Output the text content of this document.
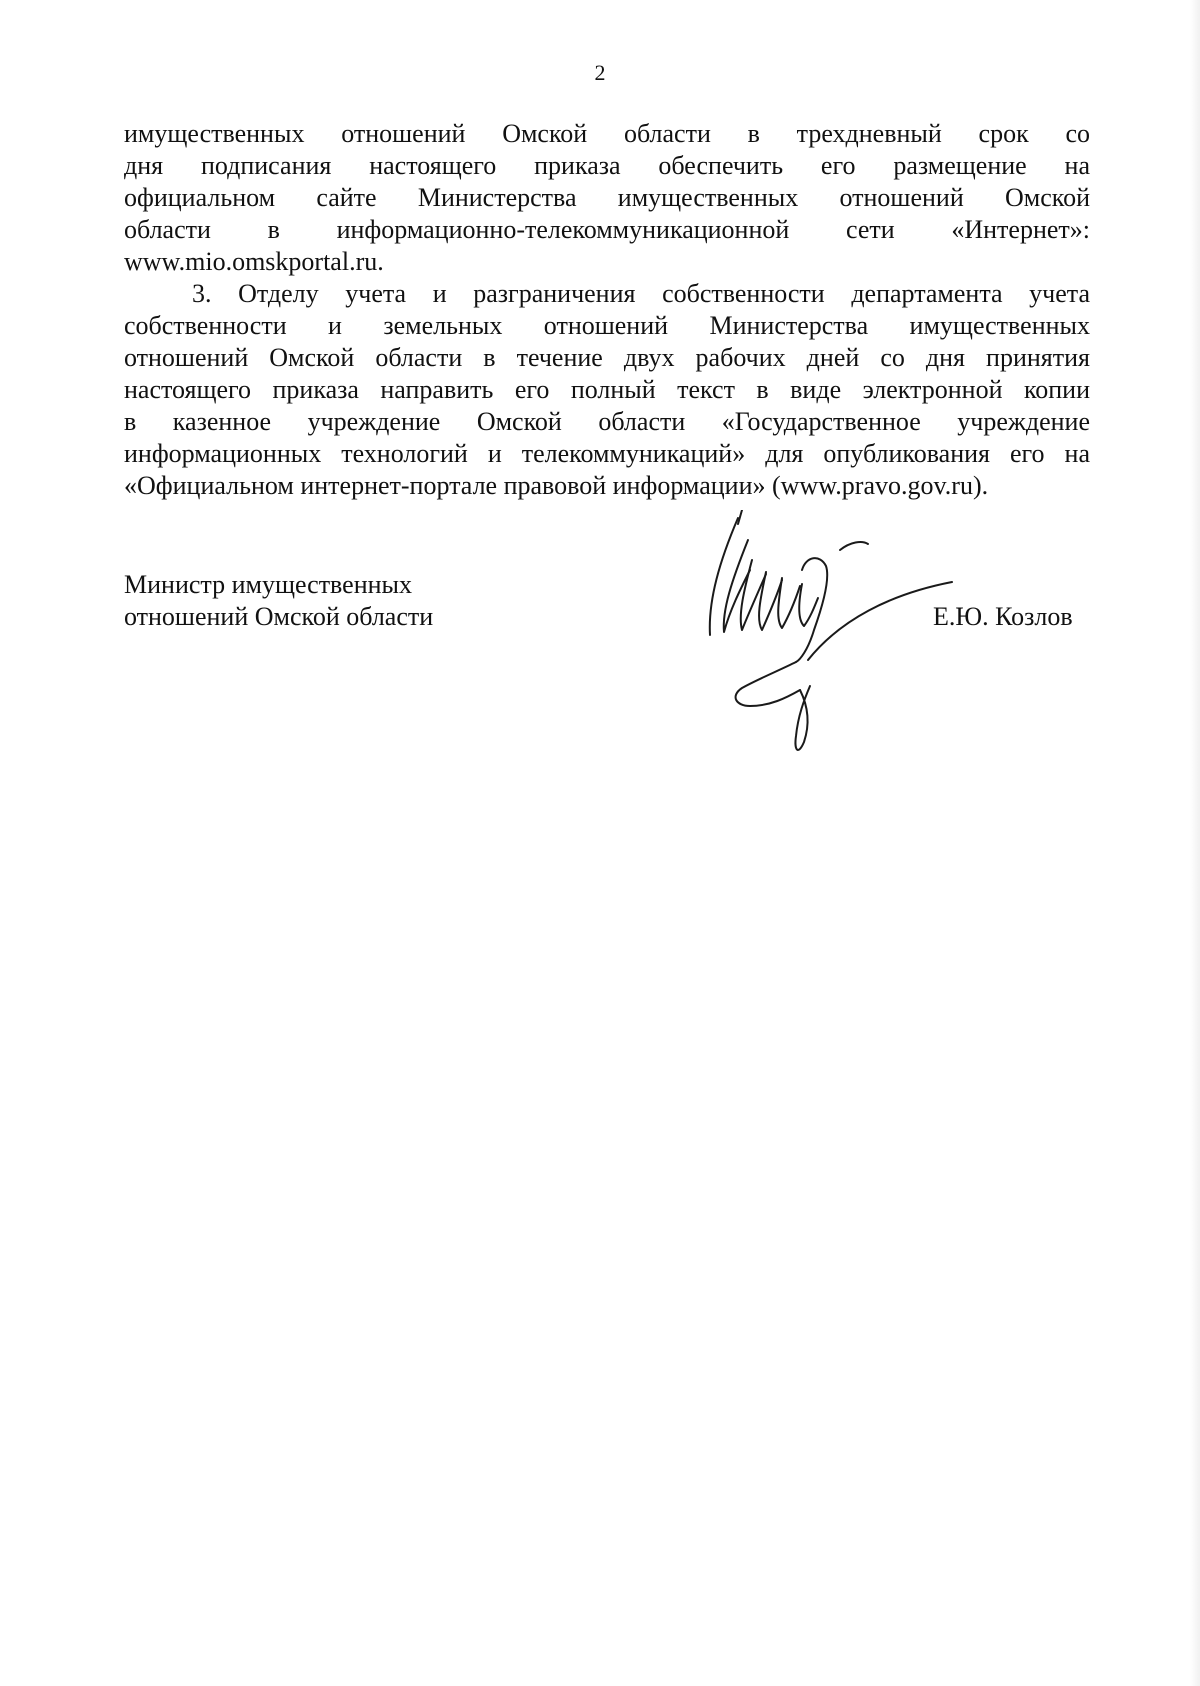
2

имущественных отношений Омской области в трехдневный срок со
дня подписания настоящего приказа обеспечить его размещение на
официальном сайте Министерства имущественных отношений Омской
области в информационно-телекоммуникационной сети «Интернет»:
www.mio.omskportal.ru.

3. Отделу учета и разграничения собственности департамента учета
собственности и земельных отношений Министерства имущественных
отношений Омской области в течение двух рабочих дней со дня принятия
настоящего приказа направить его полный текст в виде электронной копии
в казенное учреждение Омской области «Государственное учреждение
информационных технологий и телекоммуникаций» для опубликования его на
«Официальном интернет-портале правовой информации» (www.pravo.gov.ru).

Министр имущественных
отношений Омской области	Е.Ю. Козлов
